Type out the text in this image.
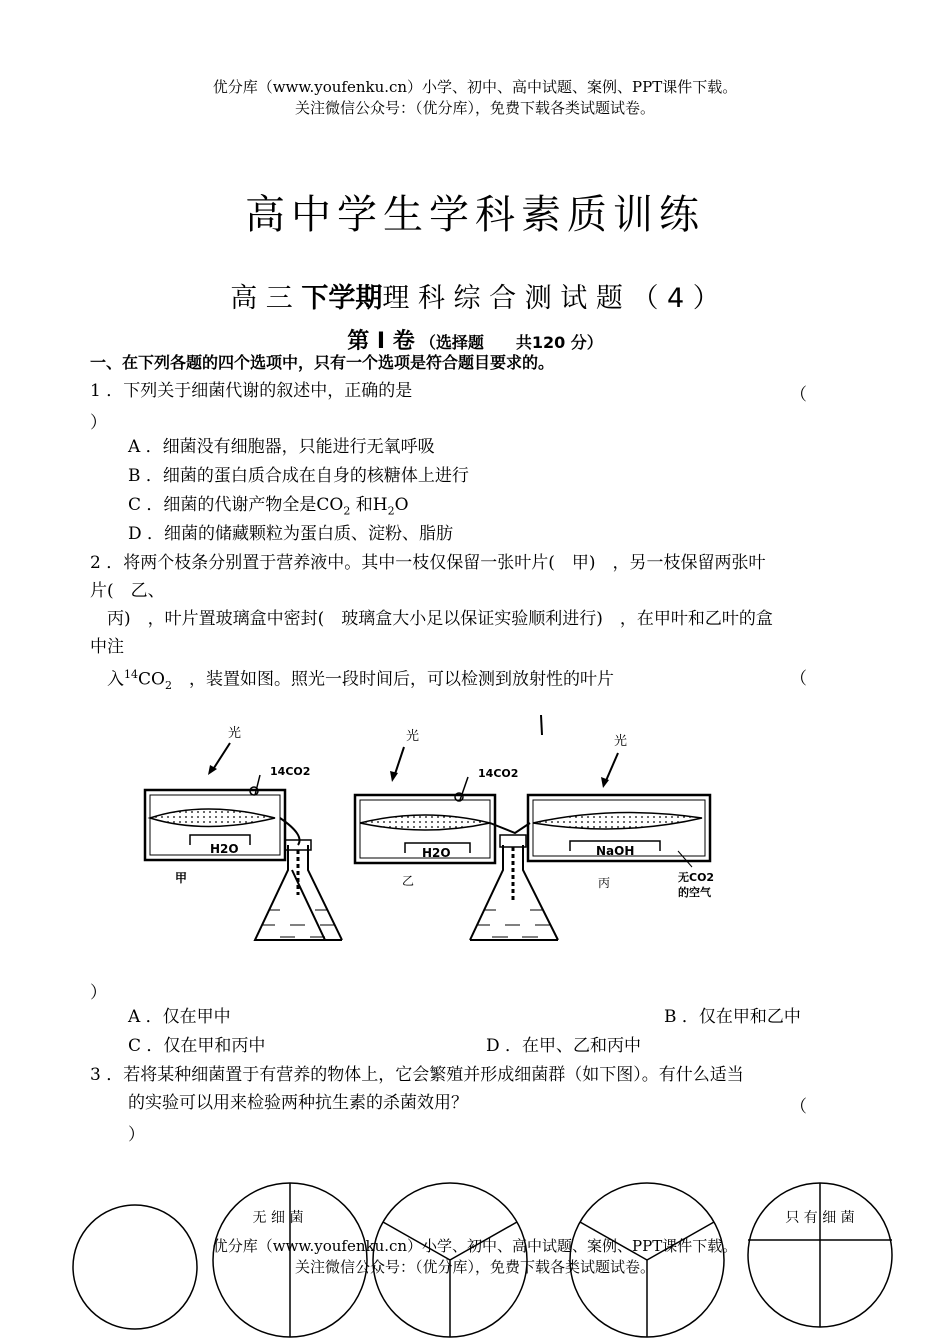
优分库（www.youfenku.cn）小学、初中、高中试题、案例、PPT课件下载。
关注微信公众号：（优分库），免费下载各类试题试卷。
高中学生学科素质训练
高 三 下学期理 科 综 合 测 试 题 （ 4 ）
第 Ⅰ 卷 （选择题　　共120 分）
一、在下列各题的四个选项中，只有一个选项是符合题目要求的。
1 ．下列关于细菌代谢的叙述中，正确的是	（
）
A ．细菌没有细胞器，只能进行无氧呼吸
B ．细菌的蛋白质合成在自身的核糖体上进行
C ．细菌的代谢产物全是$CO_2$ 和$H_2O$
D ．细菌的储藏颗粒为蛋白质、淀粉、脂肪
2 ．将两个枝条分别置于营养液中。其中一枝仅保留一张叶片(　甲)　，另一枝保留两张叶
片(　乙、
　丙)　，叶片置玻璃盒中密封(　玻璃盒大小足以保证实验顺利进行)　，在甲叶和乙叶的盒
中注
　入$^{14}CO_2$　，装置如图。照光一段时间后，可以检测到放射性的叶片	（
光	光	光
H2O
甲
14CO2
H2O
乙
14CO2
NaOH
丙	无CO2
的空气
）
A ．仅在甲中	B ．仅在甲和乙中
C ．仅在甲和丙中	D ．在甲、乙和丙中
3 ．若将某种细菌置于有营养的物体上，它会繁殖并形成细菌群（如下图）。有什么适当
的实验可以用来检验两种抗生素的杀菌效用？	（
）
无 细 菌	只 有 细 菌
优分库（www.youfenku.cn）小学、初中、高中试题、案例、PPT课件下载。
关注微信公众号：（优分库），免费下载各类试题试卷。
